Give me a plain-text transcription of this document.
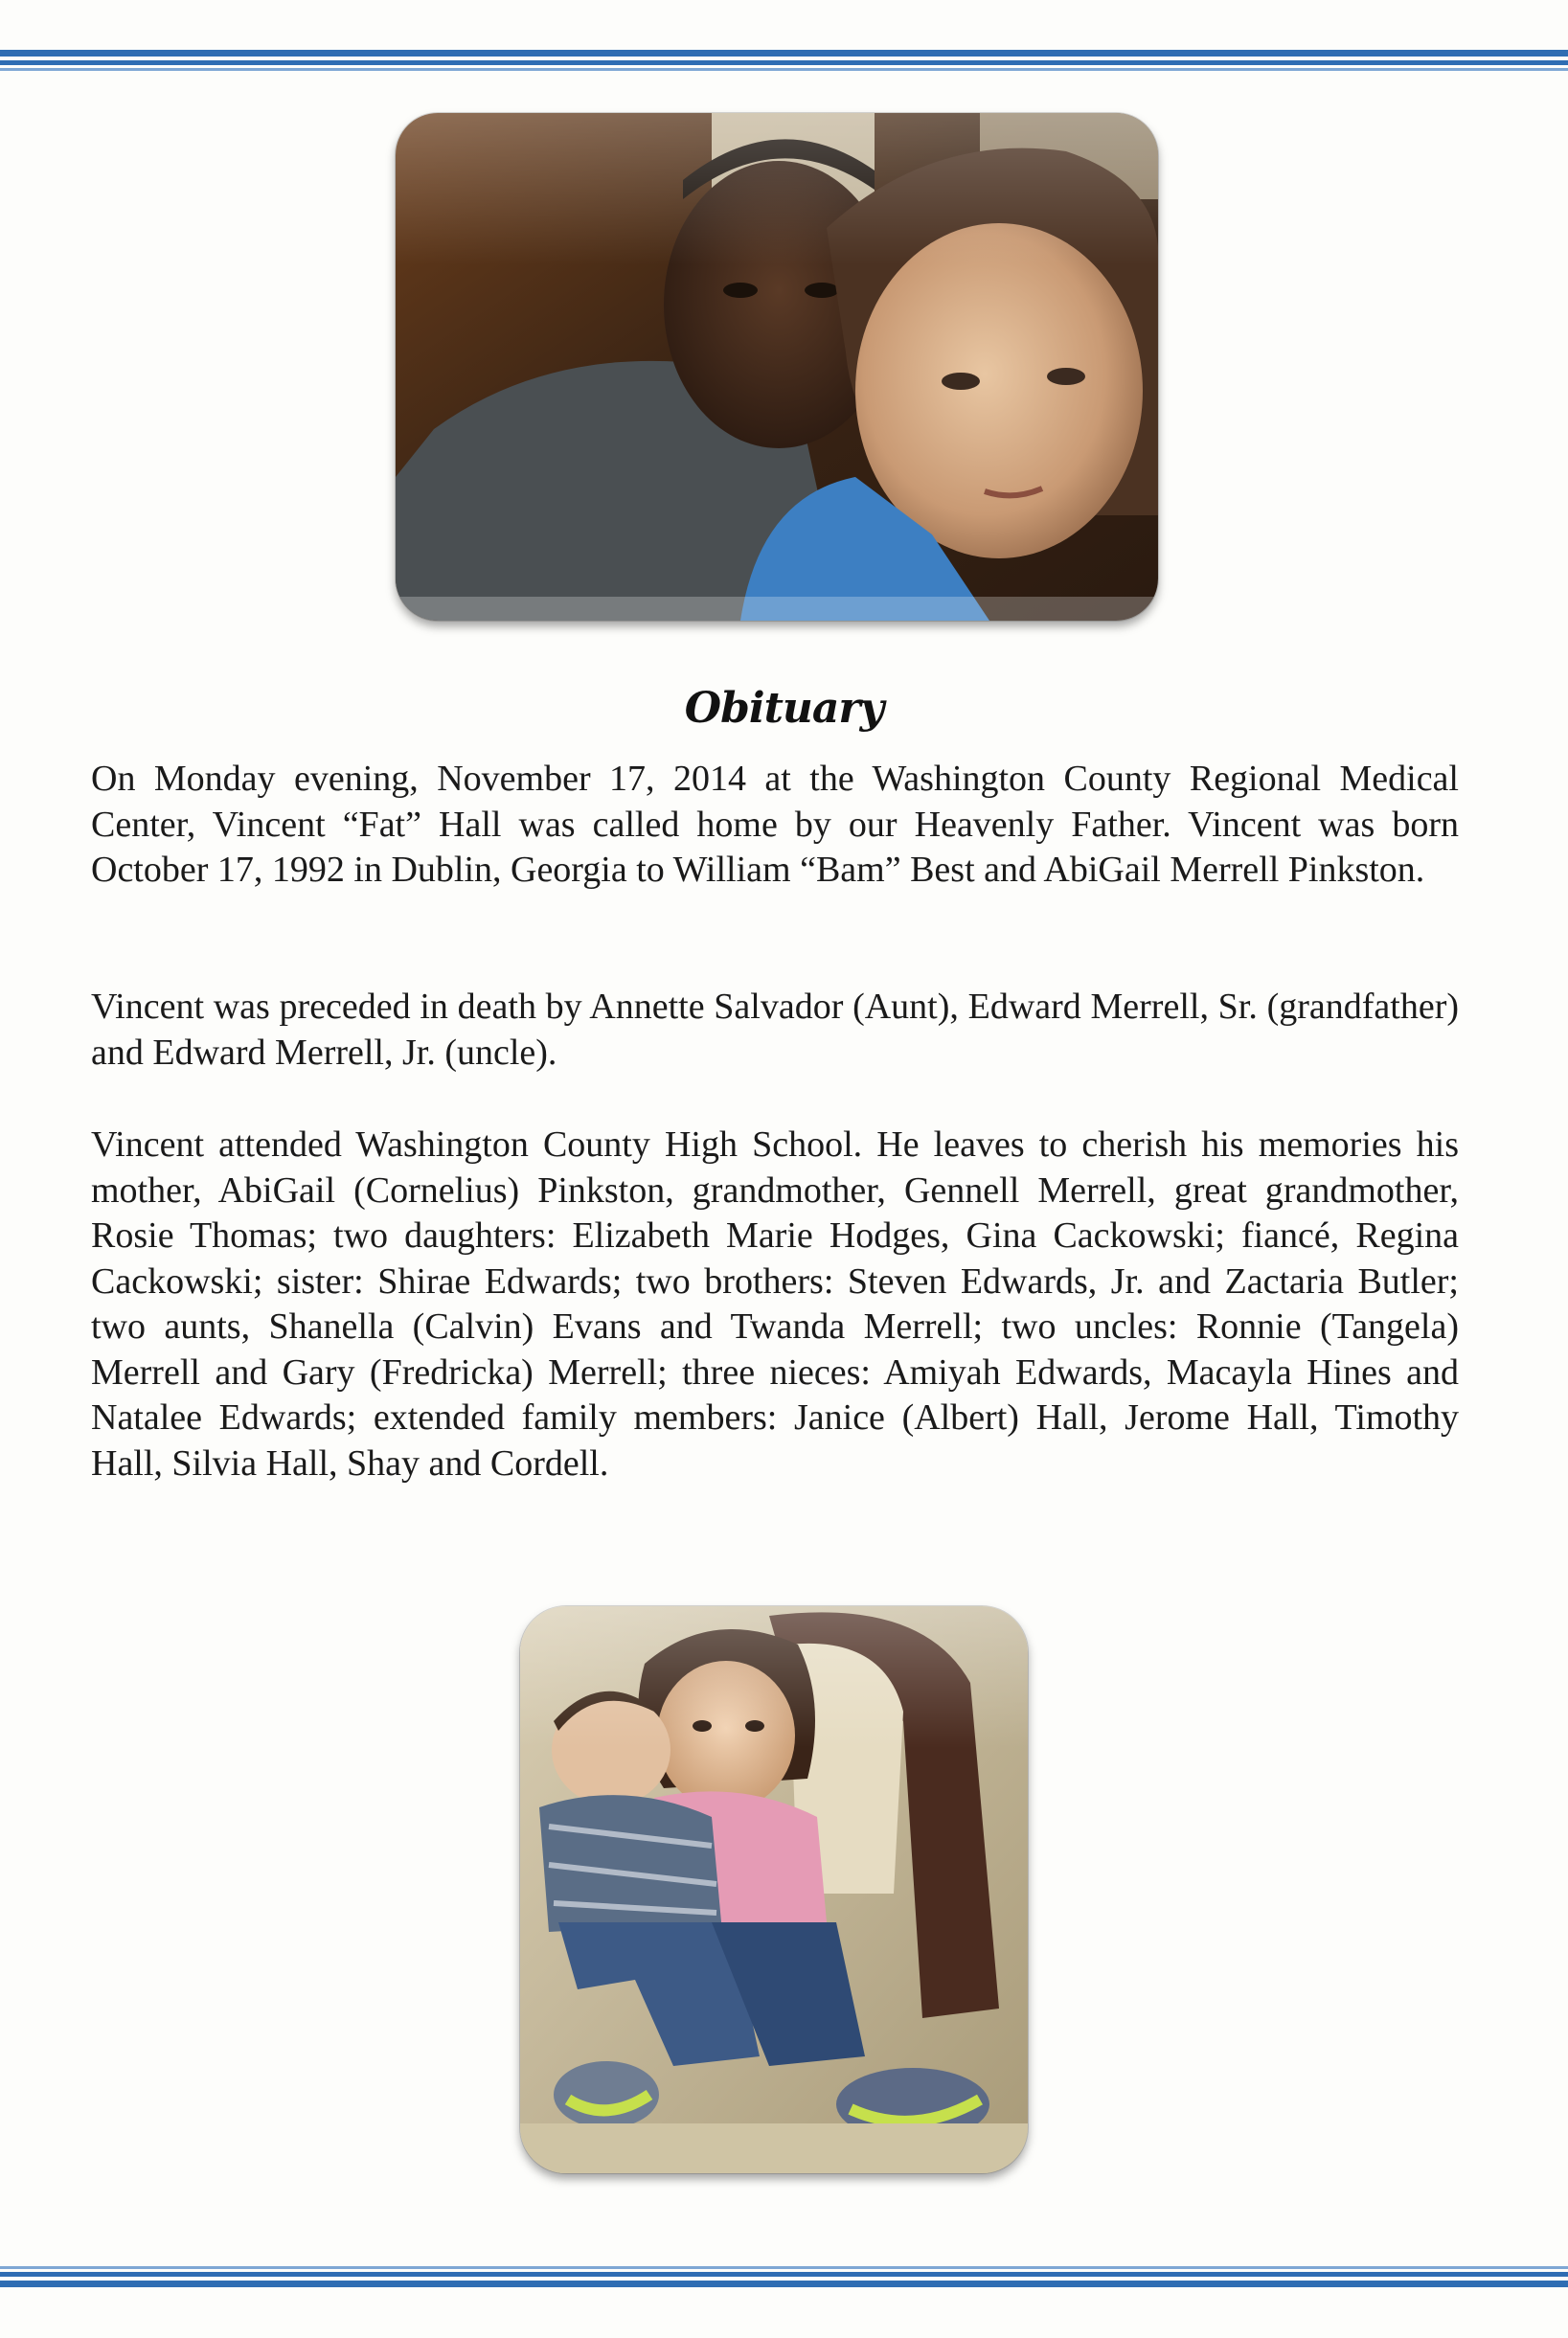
Obituary
On Monday evening, November 17, 2014 at the Washington County Regional Medical Center, Vincent “Fat” Hall was called home by our Heavenly Father. Vincent was born October 17, 1992 in Dublin, Georgia to William “Bam” Best and AbiGail Merrell Pinkston.
Vincent was preceded in death by Annette Salvador (Aunt), Edward Merrell, Sr. (grandfather) and Edward Merrell, Jr. (uncle).
Vincent attended Washington County High School. He leaves to cherish his memories his mother, AbiGail (Cornelius) Pinkston, grandmother, Gennell Merrell, great grandmother, Rosie Thomas; two daughters: Elizabeth Marie Hodges, Gina Cackowski; fiancé, Regina Cackowski; sister: Shirae Edwards; two brothers: Steven Edwards, Jr. and Zactaria Butler; two aunts, Shanella (Calvin) Evans and Twanda Merrell; two uncles: Ronnie (Tangela) Merrell and Gary (Fredricka) Merrell; three nieces: Amiyah Edwards, Macayla Hines and Natalee Edwards; extended family members: Janice (Albert) Hall, Jerome Hall, Timothy Hall, Silvia Hall, Shay and Cordell.
